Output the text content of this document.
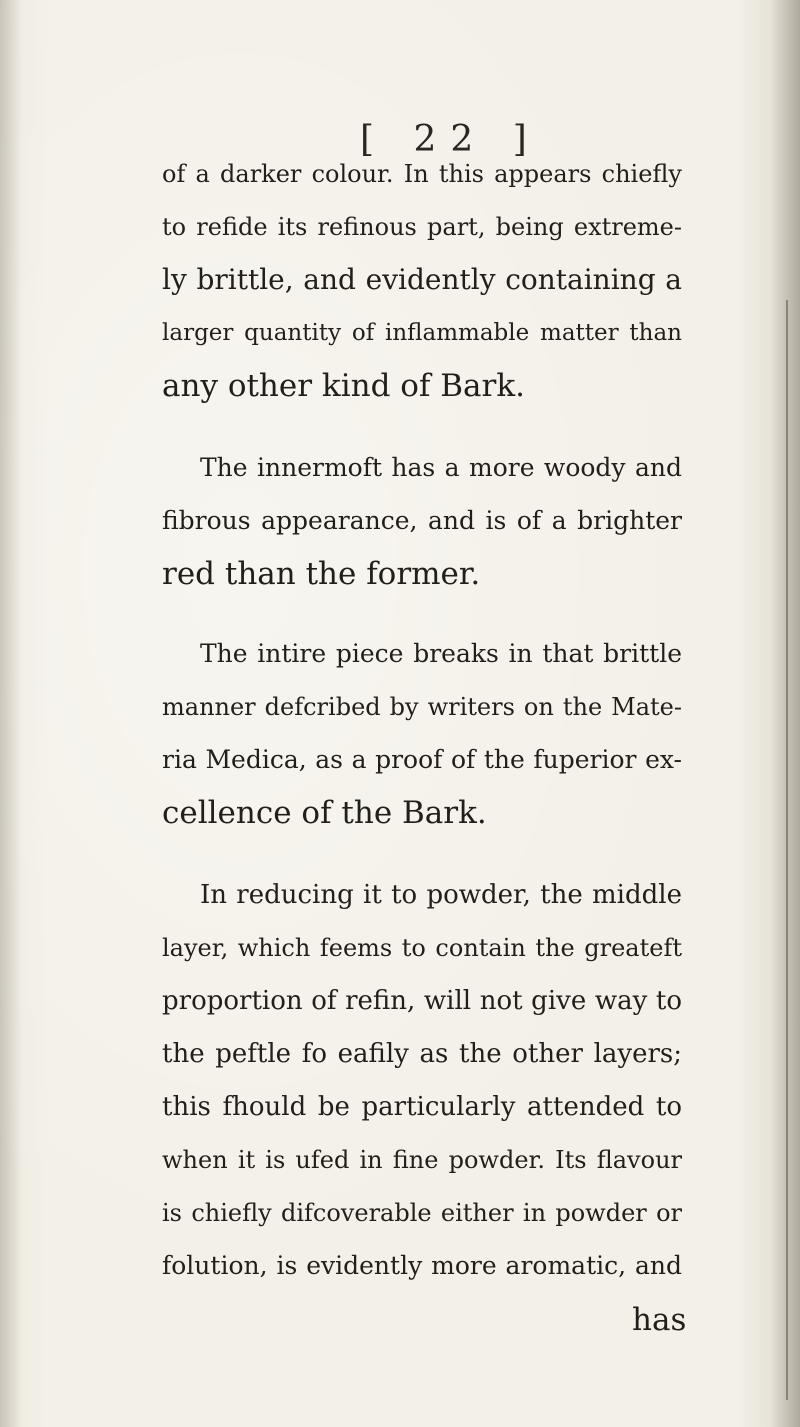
[ 22 ]
of a darker colour. In this appears chiefly
to refide its refinous part, being extreme-
ly brittle, and evidently containing a
larger quantity of inflammable matter than
any other kind of Bark.
The innermoft has a more woody and
fibrous appearance, and is of a brighter
red than the former.
The intire piece breaks in that brittle
manner defcribed by writers on the Mate-
ria Medica, as a proof of the fuperior ex-
cellence of the Bark.
In reducing it to powder, the middle
layer, which feems to contain the greateft
proportion of refin, will not give way to
the peftle fo eafily as the other layers;
this fhould be particularly attended to
when it is ufed in fine powder. Its flavour
is chiefly difcoverable either in powder or
folution, is evidently more aromatic, and
has
